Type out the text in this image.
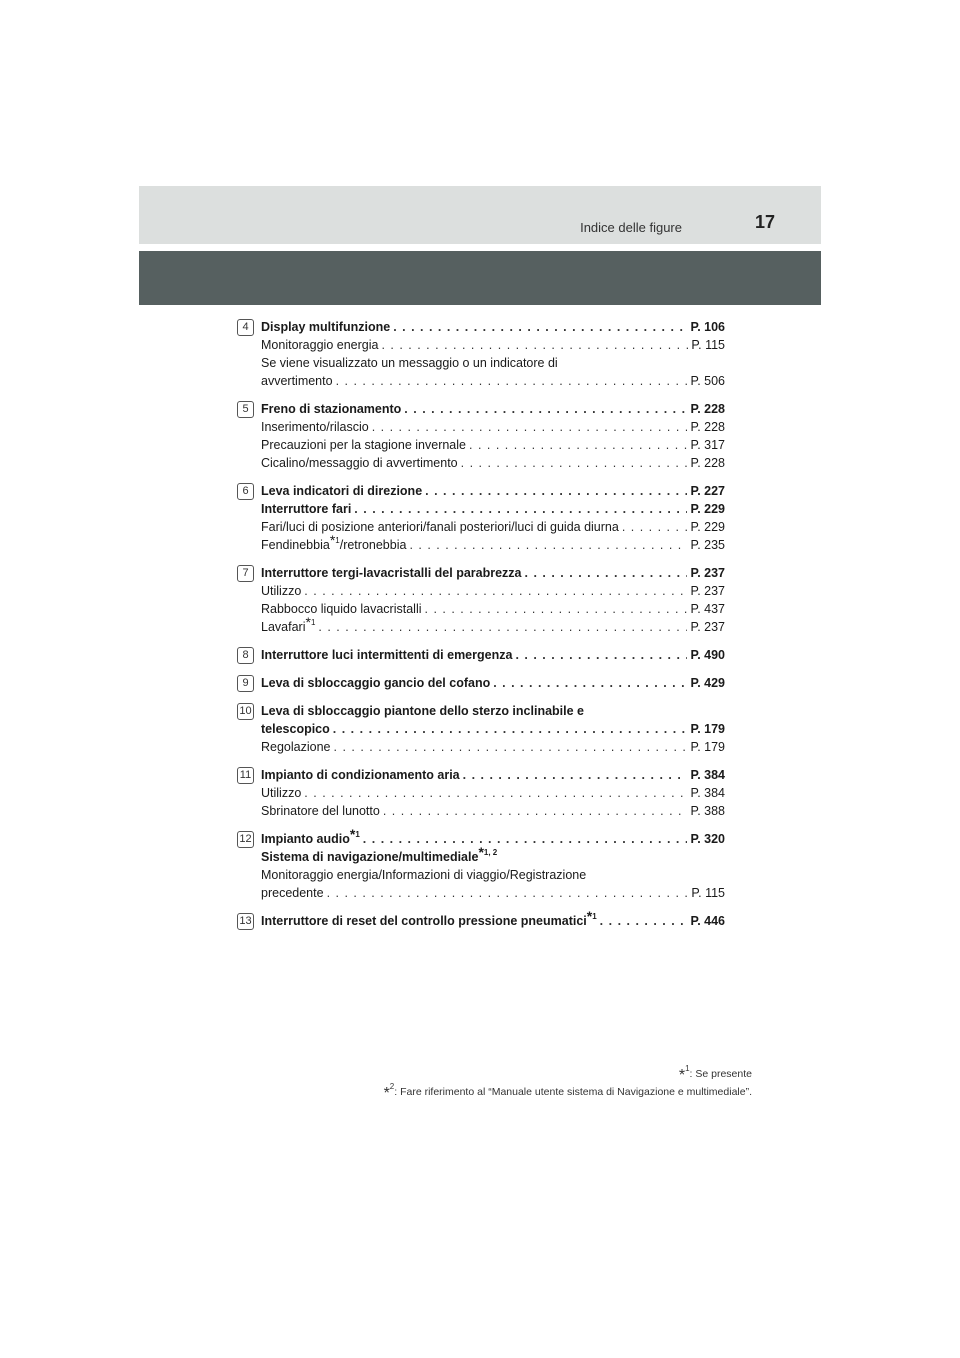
Indice delle figure	17
4 Display multifunzione . . .	P. 106
Monitoraggio energia . . .	P. 115
Se viene visualizzato un messaggio o un indicatore di
avvertimento . . .	P. 506
5 Freno di stazionamento . . .	P. 228
Inserimento/rilascio . . .	P. 228
Precauzioni per la stagione invernale . . .	P. 317
Cicalino/messaggio di avvertimento . . .	P. 228
6 Leva indicatori di direzione . . .	P. 227
Interruttore fari . . .	P. 229
Fari/luci di posizione anteriori/fanali posteriori/luci di guida diurna . . .	P. 229
Fendinebbia$^{*1}$/retronebbia . . .	P. 235
7 Interruttore tergi-lavacristalli del parabrezza . . .	P. 237
Utilizzo . . .	P. 237
Rabbocco liquido lavacristalli . . .	P. 437
Lavafari$^{*1}$ . . .	P. 237
8 Interruttore luci intermittenti di emergenza . . .	P. 490
9 Leva di sbloccaggio gancio del cofano . . .	P. 429
10 Leva di sbloccaggio piantone dello sterzo inclinabile e
telescopico . . .	P. 179
Regolazione . . .	P. 179
11 Impianto di condizionamento aria . . .	P. 384
Utilizzo . . .	P. 384
Sbrinatore del lunotto . . .	P. 388
12 Impianto audio$^{*1}$ . . .	P. 320
Sistema di navigazione/multimediale$^{*1, 2}$
Monitoraggio energia/Informazioni di viaggio/Registrazione
precedente . . .	P. 115
13 Interruttore di reset del controllo pressione pneumatici$^{*1}$ . . .	P. 446
*$^1$: Se presente
*$^2$: Fare riferimento al “Manuale utente sistema di Navigazione e multimediale”.
